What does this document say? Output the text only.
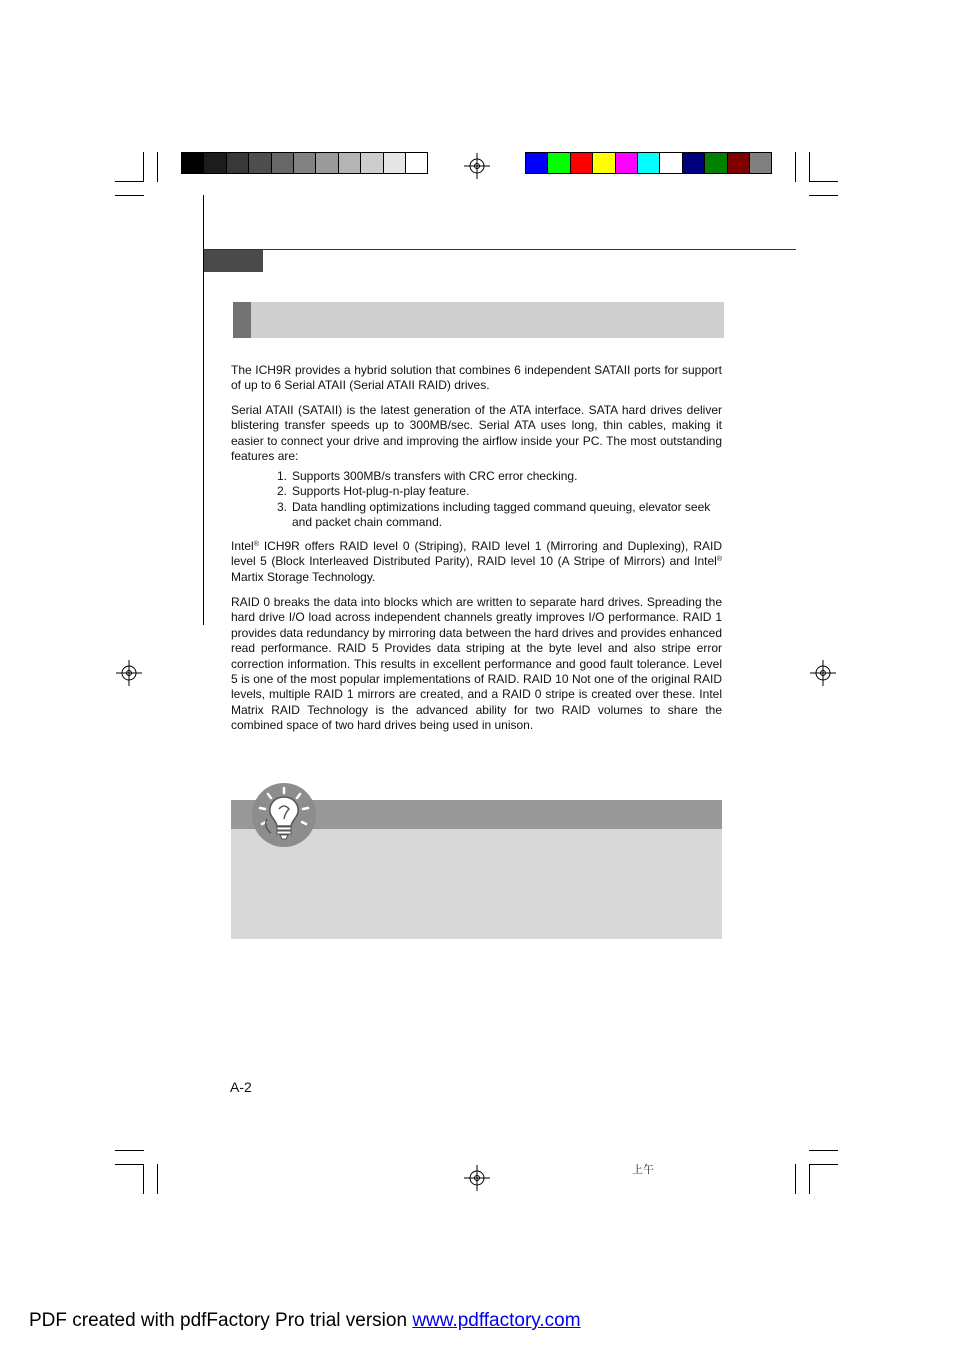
The ICH9R provides a hybrid solution that combines 6 independent SATAII ports for support of up to 6 Serial ATAII (Serial ATAII RAID) drives.

Serial ATAII (SATAII) is the latest generation of the ATA interface. SATA hard drives deliver blistering transfer speeds up to 300MB/sec. Serial ATA uses long, thin cables, making it easier to connect your drive and improving the airflow inside your PC. The most outstanding features are:

1. Supports 300MB/s transfers with CRC error checking.
2. Supports Hot-plug-n-play feature.
3. Data handling optimizations including tagged command queuing, elevator seek and packet chain command.

Intel® ICH9R offers RAID level 0 (Striping), RAID level 1 (Mirroring and Duplexing), RAID level 5 (Block Interleaved Distributed Parity), RAID level 10 (A Stripe of Mirrors) and Intel® Martix Storage Technology.

RAID 0 breaks the data into blocks which are written to separate hard drives. Spreading the hard drive I/O load across independent channels greatly improves I/O performance. RAID 1 provides data redundancy by mirroring data between the hard drives and provides enhanced read performance. RAID 5 Provides data striping at the byte level and also stripe error correction information. This results in excellent performance and good fault tolerance. Level 5 is one of the most popular implementations of RAID. RAID 10 Not one of the original RAID levels, multiple RAID 1 mirrors are created, and a RAID 0 stripe is created over these. Intel Matrix RAID Technology is the advanced ability for two RAID volumes to share the combined space of two hard drives being used in unison.

A-2
上午
PDF created with pdfFactory Pro trial version www.pdffactory.com
